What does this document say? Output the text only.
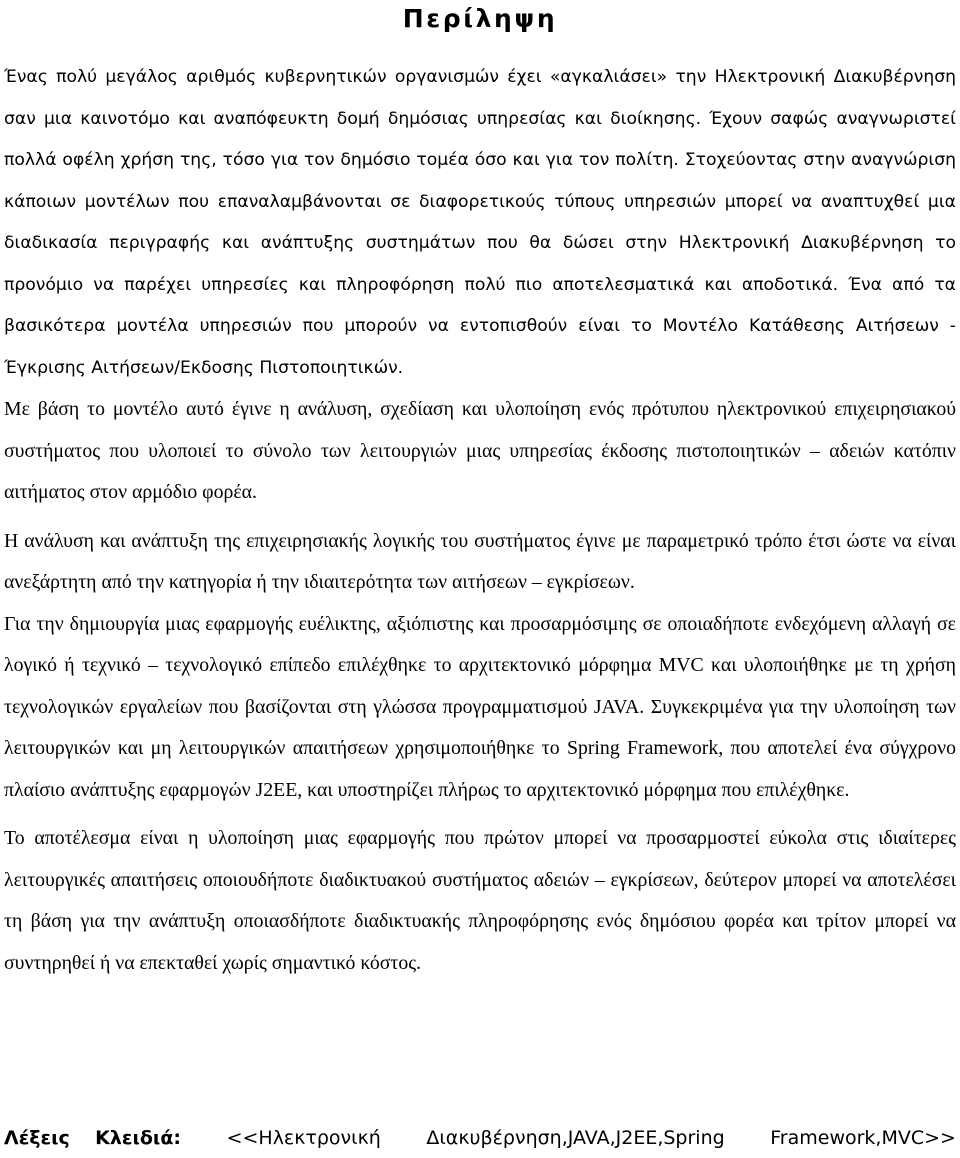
Περίληψη

Ένας πολύ μεγάλος αριθμός κυβερνητικών οργανισμών έχει «αγκαλιάσει» την Ηλεκτρονική Διακυβέρνηση σαν μια καινοτόμο και αναπόφευκτη δομή δημόσιας υπηρεσίας και διοίκησης. Έχουν σαφώς αναγνωριστεί πολλά οφέλη χρήση της, τόσο για τον δημόσιο τομέα όσο και για τον πολίτη. Στοχεύοντας στην αναγνώριση κάποιων μοντέλων που επαναλαμβάνονται σε διαφορετικούς τύπους υπηρεσιών μπορεί να αναπτυχθεί μια διαδικασία περιγραφής και ανάπτυξης συστημάτων που θα δώσει στην Ηλεκτρονική Διακυβέρνηση το προνόμιο να παρέχει υπηρεσίες και πληροφόρηση πολύ πιο αποτελεσματικά και αποδοτικά. Ένα από τα βασικότερα μοντέλα υπηρεσιών που μπορούν να εντοπισθούν είναι το Μοντέλο Κατάθεσης Αιτήσεων - Έγκρισης Αιτήσεων/Εκδοσης Πιστοποιητικών.

Με βάση το μοντέλο αυτό έγινε η ανάλυση, σχεδίαση και υλοποίηση ενός πρότυπου ηλεκτρονικού επιχειρησιακού συστήματος που υλοποιεί το σύνολο των λειτουργιών μιας υπηρεσίας έκδοσης πιστοποιητικών – αδειών κατόπιν αιτήματος στον αρμόδιο φορέα.

Η ανάλυση και ανάπτυξη της επιχειρησιακής λογικής του συστήματος έγινε με παραμετρικό τρόπο έτσι ώστε να είναι ανεξάρτητη από την κατηγορία ή την ιδιαιτερότητα των αιτήσεων – εγκρίσεων.

Για την δημιουργία μιας εφαρμογής ευέλικτης, αξιόπιστης και προσαρμόσιμης σε οποιαδήποτε ενδεχόμενη αλλαγή σε λογικό ή τεχνικό – τεχνολογικό επίπεδο επιλέχθηκε το αρχιτεκτονικό μόρφημα MVC και υλοποιήθηκε με τη χρήση τεχνολογικών εργαλείων που βασίζονται στη γλώσσα προγραμματισμού JAVA. Συγκεκριμένα για την υλοποίηση των λειτουργικών και μη λειτουργικών απαιτήσεων χρησιμοποιήθηκε το Spring Framework, που αποτελεί ένα σύγχρονο πλαίσιο ανάπτυξης εφαρμογών J2EE, και υποστηρίζει πλήρως το αρχιτεκτονικό μόρφημα που επιλέχθηκε.

Το αποτέλεσμα είναι η υλοποίηση μιας εφαρμογής που πρώτον μπορεί να προσαρμοστεί εύκολα στις ιδιαίτερες λειτουργικές απαιτήσεις οποιουδήποτε διαδικτυακού συστήματος αδειών – εγκρίσεων, δεύτερον μπορεί να αποτελέσει τη βάση για την ανάπτυξη οποιασδήποτε διαδικτυακής πληροφόρησης ενός δημόσιου φορέα και τρίτον μπορεί να συντηρηθεί ή να επεκταθεί χωρίς σημαντικό κόστος.

Λέξεις Κλειδιά: <<Ηλεκτρονική Διακυβέρνηση,JAVA,J2EE,Spring Framework,MVC>>
